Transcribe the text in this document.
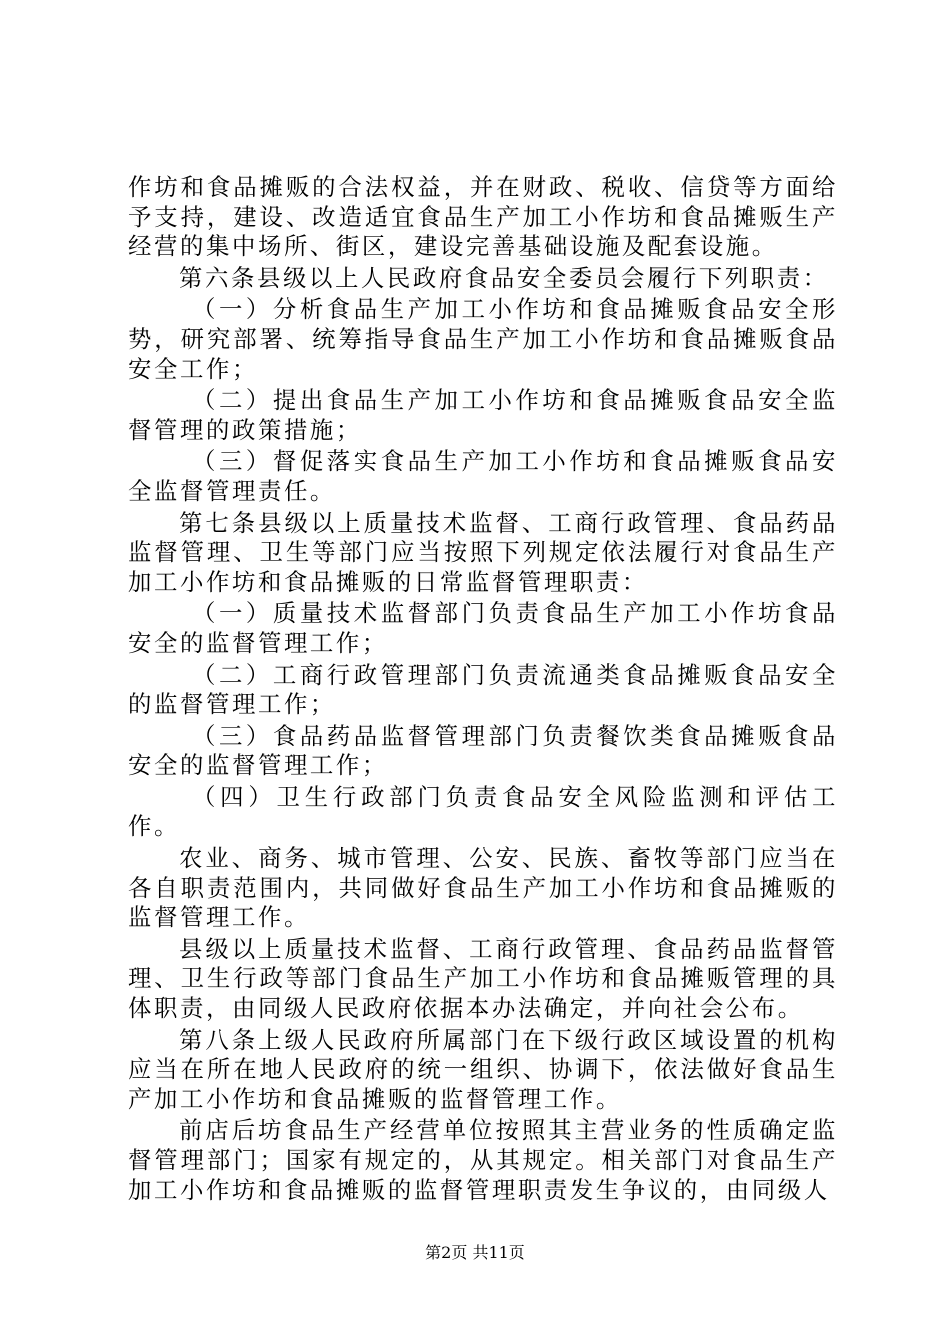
作坊和食品摊贩的合法权益，并在财政、税收、信贷等方面给予支持，建设、改造适宜食品生产加工小作坊和食品摊贩生产经营的集中场所、街区，建设完善基础设施及配套设施。

第六条县级以上人民政府食品安全委员会履行下列职责：

（一）分析食品生产加工小作坊和食品摊贩食品安全形势，研究部署、统筹指导食品生产加工小作坊和食品摊贩食品安全工作；

（二）提出食品生产加工小作坊和食品摊贩食品安全监督管理的政策措施；

（三）督促落实食品生产加工小作坊和食品摊贩食品安全监督管理责任。

第七条县级以上质量技术监督、工商行政管理、食品药品监督管理、卫生等部门应当按照下列规定依法履行对食品生产加工小作坊和食品摊贩的日常监督管理职责：

（一）质量技术监督部门负责食品生产加工小作坊食品安全的监督管理工作；

（二）工商行政管理部门负责流通类食品摊贩食品安全的监督管理工作；

（三）食品药品监督管理部门负责餐饮类食品摊贩食品安全的监督管理工作；

（四）卫生行政部门负责食品安全风险监测和评估工作。

农业、商务、城市管理、公安、民族、畜牧等部门应当在各自职责范围内，共同做好食品生产加工小作坊和食品摊贩的监督管理工作。

县级以上质量技术监督、工商行政管理、食品药品监督管理、卫生行政等部门食品生产加工小作坊和食品摊贩管理的具体职责，由同级人民政府依据本办法确定，并向社会公布。

第八条上级人民政府所属部门在下级行政区域设置的机构应当在所在地人民政府的统一组织、协调下，依法做好食品生产加工小作坊和食品摊贩的监督管理工作。

前店后坊食品生产经营单位按照其主营业务的性质确定监督管理部门；国家有规定的，从其规定。相关部门对食品生产加工小作坊和食品摊贩的监督管理职责发生争议的，由同级人

第2页 共11页
